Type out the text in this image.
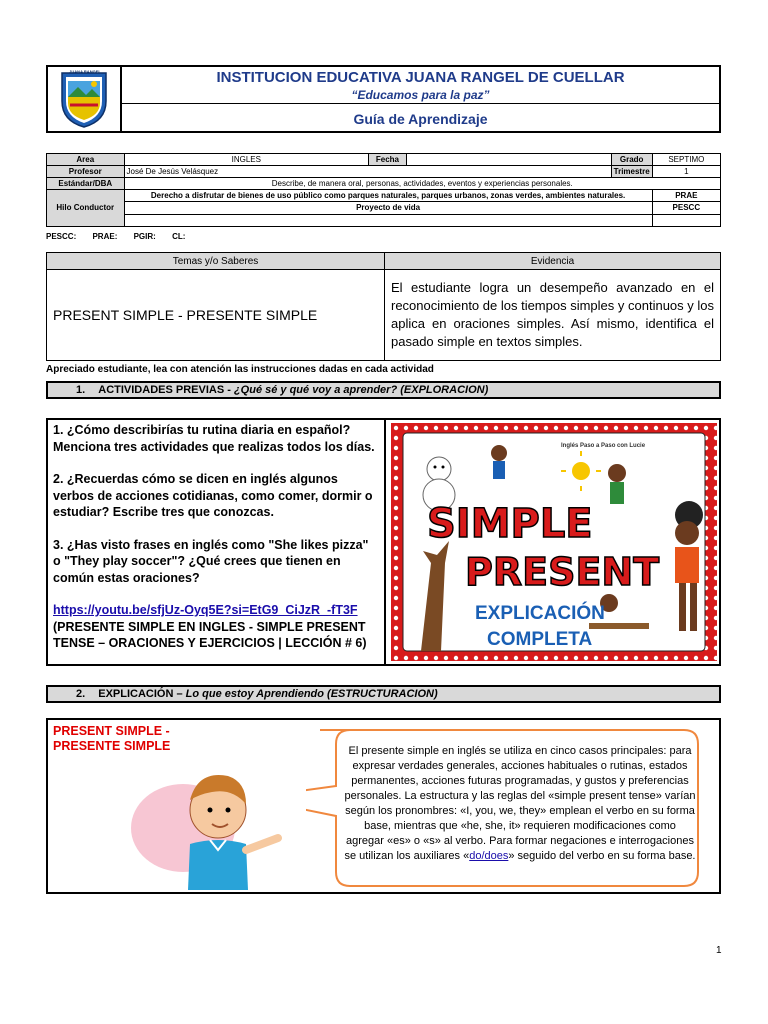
JUANA RANGEL	INSTITUCION EDUCATIVA JUANA RANGEL DE CUELLAR
“Educamos para la paz”
Guía de Aprendizaje
Area	INGLES	Fecha		Grado	SEPTIMO
Profesor	José De Jesús Velásquez			Trimestre	1
Estándar/DBA	Describe, de manera oral, personas, actividades, eventos y experiencias personales.				
Hilo Conductor	Derecho a disfrutar de bienes de uso público como parques naturales, parques urbanos, zonas verdes, ambientes naturales.				PRAE
	Proyecto de vida				PESCC

PESCC: PRAE: PGIR: CL:
Temas y/o Saberes	Evidencia
PRESENT SIMPLE - PRESENTE SIMPLE	El estudiante logra un desempeño avanzado en el reconocimiento de los tiempos simples y continuos y los aplica en oraciones simples. Así mismo, identifica el pasado simple en textos simples.
Apreciado estudiante, lea con atención las instrucciones dadas en cada actividad
1. ACTIVIDADES PREVIAS - ¿Qué sé y qué voy a aprender? (EXPLORACION)

1. ¿Cómo describirías tu rutina diaria en español? Menciona tres actividades que realizas todos los días.

2. ¿Recuerdas cómo se dicen en inglés algunos verbos de acciones cotidianas, como comer, dormir o estudiar? Escribe tres que conozcas.

3. ¿Has visto frases en inglés como "She likes pizza" o "They play soccer"? ¿Qué crees que tienen en común estas oraciones?

https://youtu.be/sfjUz-Oyq5E?si=EtG9_CiJzR_-fT3F
(PRESENTE SIMPLE EN INGLES - SIMPLE PRESENT TENSE – ORACIONES Y EJERCICIOS | LECCIÓN # 6)
Inglés Paso a Paso con Lucie
SIMPLE
PRESENT
EXPLICACIÓN
COMPLETA
2. EXPLICACIÓN – Lo que estoy Aprendiendo (ESTRUCTURACION)
PRESENT SIMPLE -
PRESENTE SIMPLE	El presente simple en inglés se utiliza en cinco casos principales: para expresar verdades generales, acciones habituales o rutinas, estados permanentes, acciones futuras programadas, y gustos y preferencias personales. La estructura y las reglas del «simple present tense» varían según los pronombres: «I, you, we, they» emplean el verbo en su forma base, mientras que «he, she, it» requieren modificaciones como agregar «es» o «s» al verbo. Para formar negaciones e interrogaciones se utilizan los auxiliares «do/does» seguido del verbo en su forma base.
1
